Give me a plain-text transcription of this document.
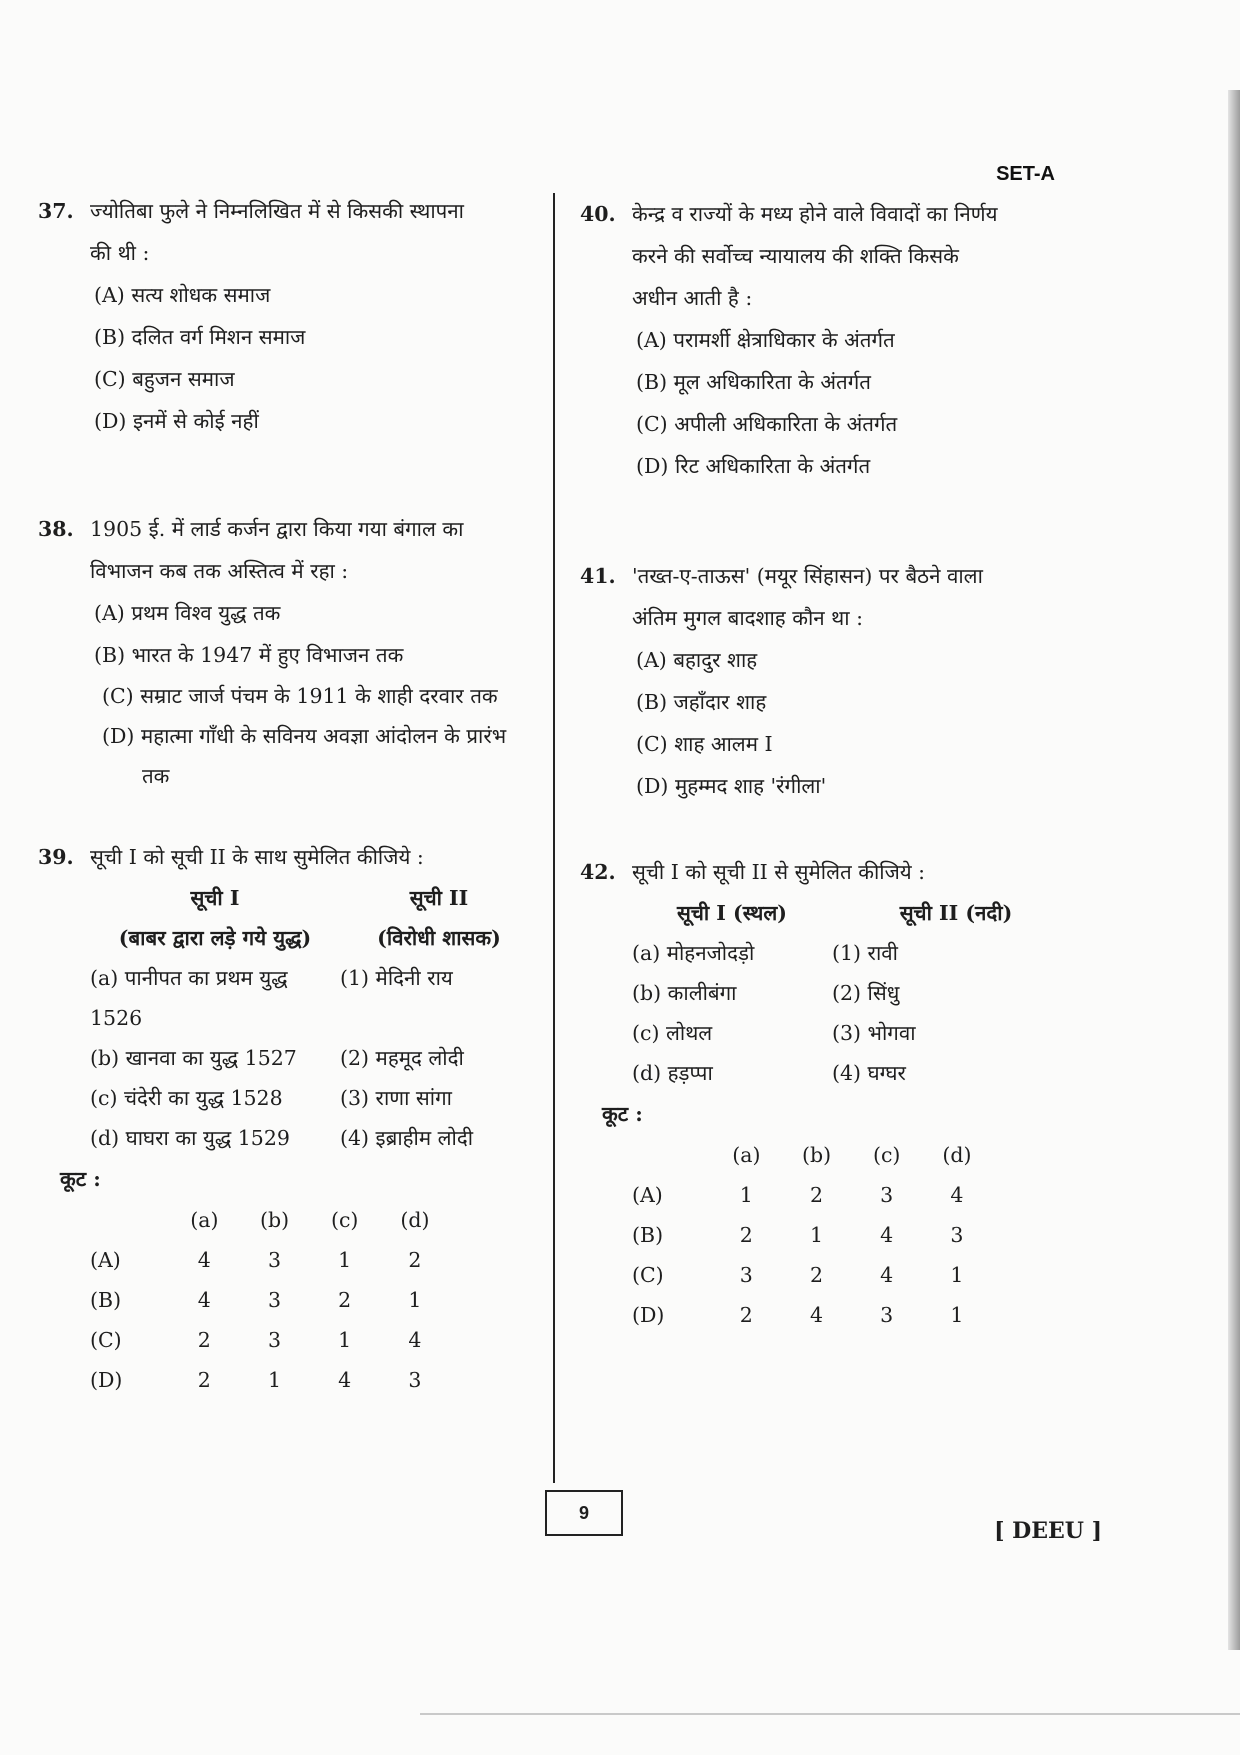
SET-A
37. ज्योतिबा फुले ने निम्नलिखित में से किसकी स्थापना
की थी :
(A) सत्य शोधक समाज
(B) दलित वर्ग मिशन समाज
(C) बहुजन समाज
(D) इनमें से कोई नहीं
38. 1905 ई. में लार्ड कर्जन द्वारा किया गया बंगाल का
विभाजन कब तक अस्तित्व में रहा :
(A) प्रथम विश्व युद्ध तक
(B) भारत के 1947 में हुए विभाजन तक
(C) सम्राट जार्ज पंचम के 1911 के शाही दरवार तक
(D) महात्मा गाँधी के सविनय अवज्ञा आंदोलन के प्रारंभ तक
39. सूची I को सूची II के साथ सुमेलित कीजिये :
सूची I	सूची II
(बाबर द्वारा लड़े गये युद्ध)	(विरोधी शासक)
(a) पानीपत का प्रथम युद्ध 1526	(1) मेदिनी राय
(b) खानवा का युद्ध 1527	(2) महमूद लोदी
(c) चंदेरी का युद्ध 1528	(3) राणा सांगा
(d) घाघरा का युद्ध 1529	(4) इब्राहीम लोदी
कूट :
	(a)	(b)	(c)	(d)
(A)	4	3	1	2
(B)	4	3	2	1
(C)	2	3	1	4
(D)	2	1	4	3
40. केन्द्र व राज्यों के मध्य होने वाले विवादों का निर्णय
करने की सर्वोच्च न्यायालय की शक्ति किसके
अधीन आती है :
(A) परामर्शी क्षेत्राधिकार के अंतर्गत
(B) मूल अधिकारिता के अंतर्गत
(C) अपीली अधिकारिता के अंतर्गत
(D) रिट अधिकारिता के अंतर्गत
41. 'तख्त-ए-ताऊस' (मयूर सिंहासन) पर बैठने वाला
अंतिम मुगल बादशाह कौन था :
(A) बहादुर शाह
(B) जहाँदार शाह
(C) शाह आलम I
(D) मुहम्मद शाह 'रंगीला'
42. सूची I को सूची II से सुमेलित कीजिये :
सूची I (स्थल)	सूची II (नदी)
(a) मोहनजोदड़ो	(1) रावी
(b) कालीबंगा	(2) सिंधु
(c) लोथल	(3) भोगवा
(d) हड़प्पा	(4) घग्घर
कूट :
	(a)	(b)	(c)	(d)
(A)	1	2	3	4
(B)	2	1	4	3
(C)	3	2	4	1
(D)	2	4	3	1
9
[ DEEU ]
